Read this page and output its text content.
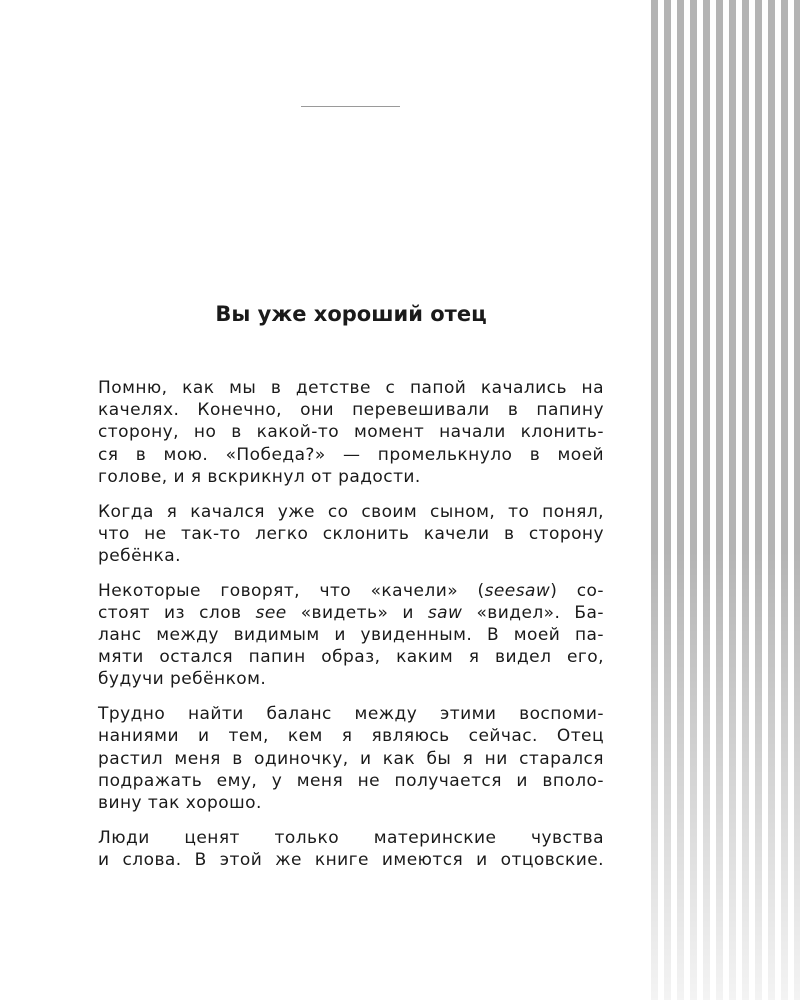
Вы уже хороший отец

Помню, как мы в детстве с папой качались на
качелях. Конечно, они перевешивали в папину
сторону, но в какой-то момент начали клонить-
ся в мою. «Победа?» — промелькнуло в моей
голове, и я вскрикнул от радости.

Когда я качался уже со своим сыном, то понял,
что не так-то легко склонить качели в сторону
ребёнка.

Некоторые говорят, что «качели» (seesaw) со-
стоят из слов see «видеть» и saw «видел». Ба-
ланс между видимым и увиденным. В моей па-
мяти остался папин образ, каким я видел его,
будучи ребёнком.

Трудно найти баланс между этими воспоми-
наниями и тем, кем я являюсь сейчас. Отец
растил меня в одиночку, и как бы я ни старался
подражать ему, у меня не получается и вполо-
вину так хорошо.

Люди ценят только материнские чувства
и слова. В этой же книге имеются и отцовские.
